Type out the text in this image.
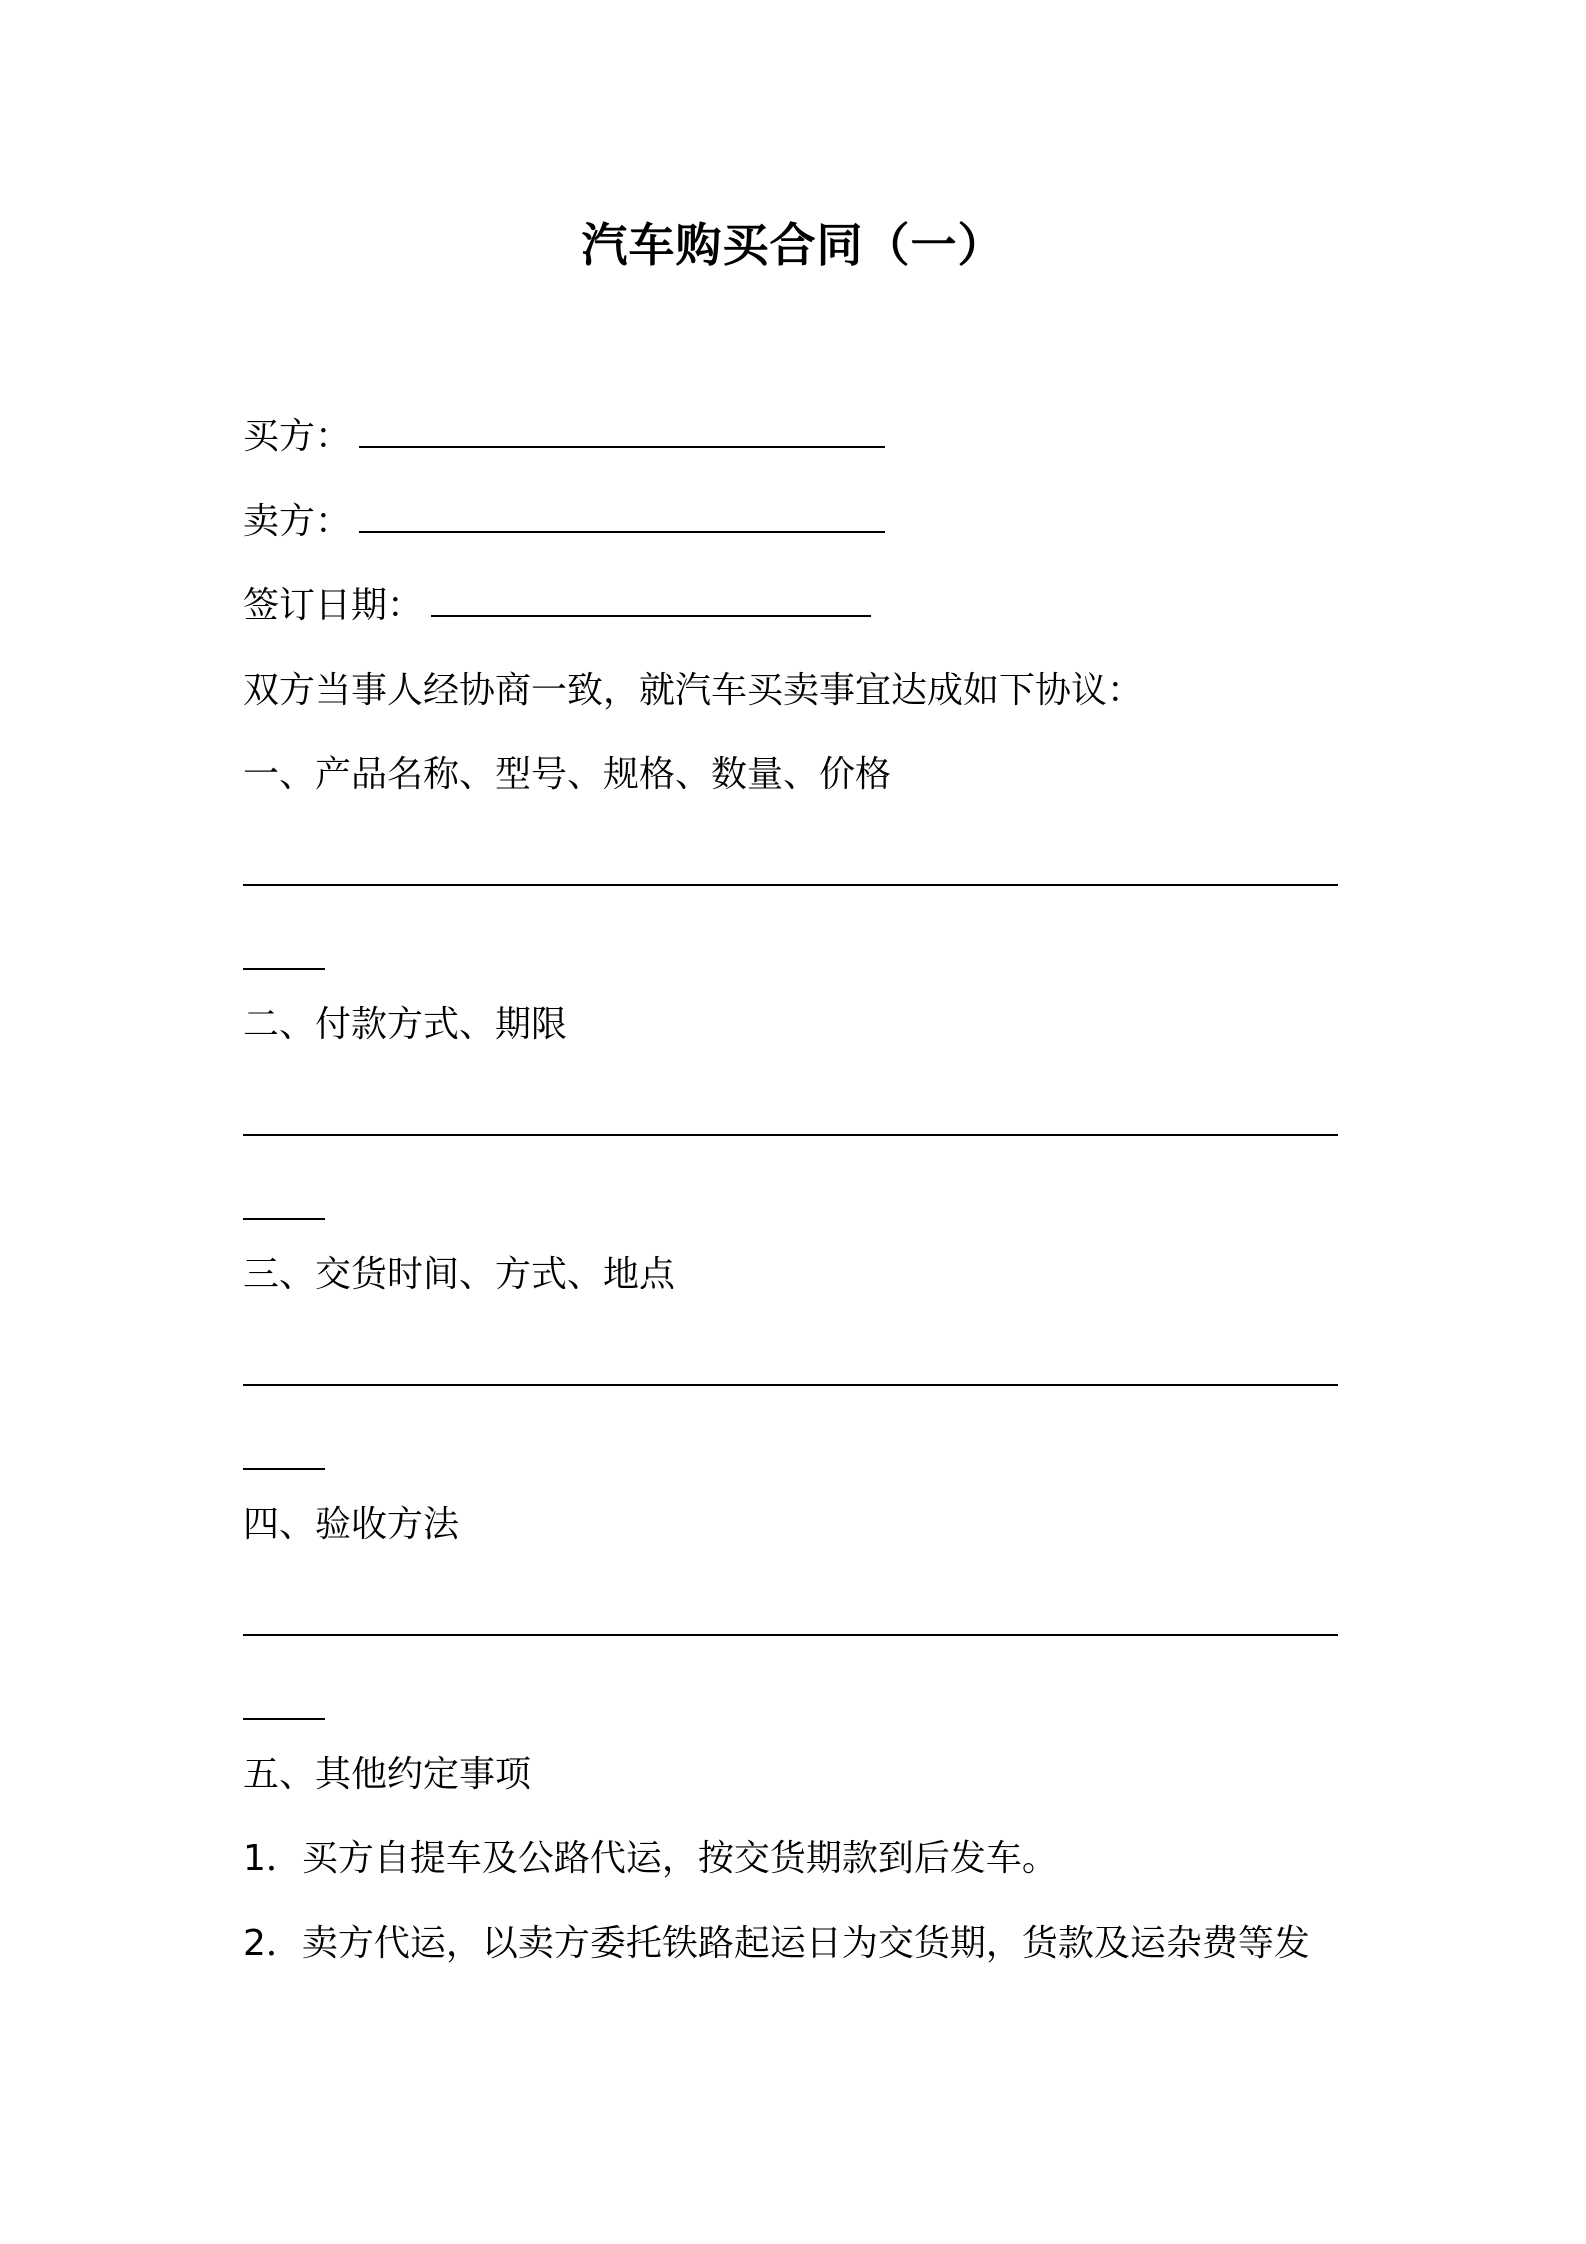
汽车购买合同（一）
买方：
卖方：
签订日期：
双方当事人经协商一致，就汽车买卖事宜达成如下协议：
一、产品名称、型号、规格、数量、价格
二、付款方式、期限
三、交货时间、方式、地点
四、验收方法
五、其他约定事项
1．买方自提车及公路代运，按交货期款到后发车。
2．卖方代运，以卖方委托铁路起运日为交货期，货款及运杂费等发
